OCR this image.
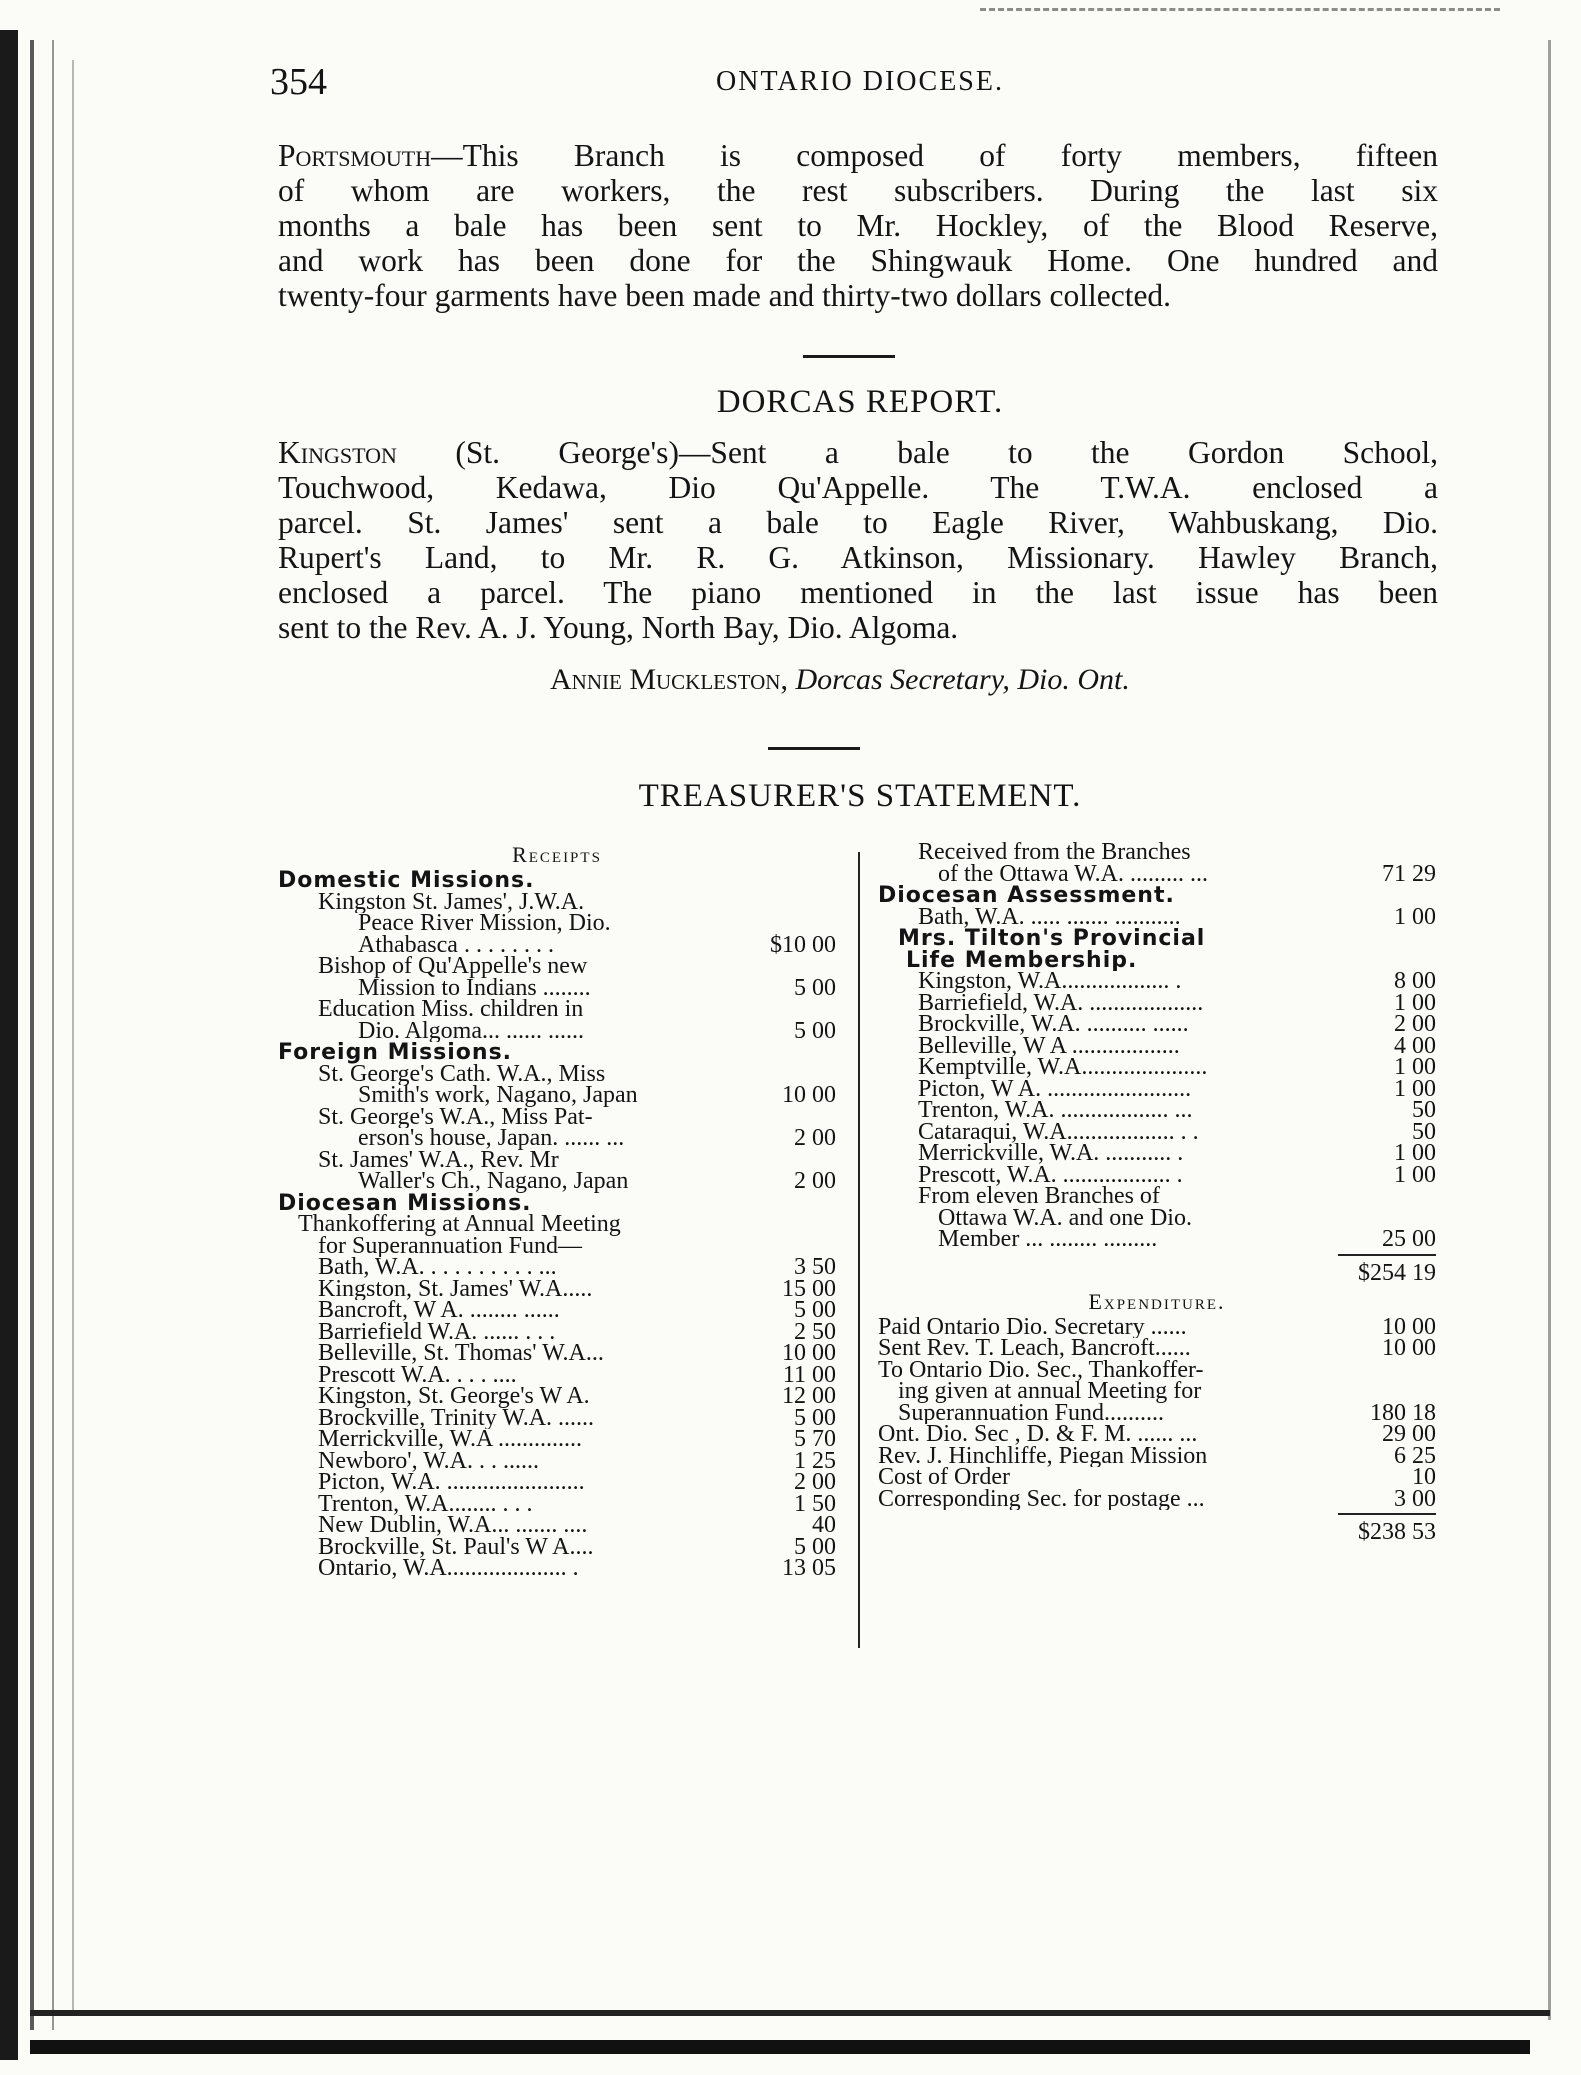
354	ONTARIO DIOCESE.
Portsmouth—This Branch is composed of forty members, fifteen
of whom are workers, the rest subscribers. During the last six
months a bale has been sent to Mr. Hockley, of the Blood Reserve,
and work has been done for the Shingwauk Home. One hundred and
twenty-four garments have been made and thirty-two dollars collected.
DORCAS REPORT.
Kingston (St. George's)—Sent a bale to the Gordon School,
Touchwood, Kedawa, Dio Qu'Appelle. The T.W.A. enclosed a
parcel. St. James' sent a bale to Eagle River, Wahbuskang, Dio.
Rupert's Land, to Mr. R. G. Atkinson, Missionary. Hawley Branch,
enclosed a parcel. The piano mentioned in the last issue has been
sent to the Rev. A. J. Young, North Bay, Dio. Algoma.
Annie Muckleston, Dorcas Secretary, Dio. Ont.
TREASURER'S STATEMENT.
Receipts
Domestic Missions.
Kingston St. James', J.W.A.
Peace River Mission, Dio.
Athabasca . . . . . . . .	$10 00
Bishop of Qu'Appelle's new
Mission to Indians ........	5 00
Education Miss. children in
Dio. Algoma... ...... ......	5 00
Foreign Missions.
St. George's Cath. W.A., Miss
Smith's work, Nagano, Japan	10 00
St. George's W.A., Miss Pat-
erson's house, Japan. ...... ...	2 00
St. James' W.A., Rev. Mr
Waller's Ch., Nagano, Japan	2 00
Diocesan Missions.
Thankoffering at Annual Meeting
for Superannuation Fund—
Bath, W.A. . . . . . . . . . ...	3 50
Kingston, St. James' W.A.....	15 00
Bancroft, W A. ........ ......	5 00
Barriefield W.A. ...... . . .	2 50
Belleville, St. Thomas' W.A...	10 00
Prescott W.A. . . . ....	11 00
Kingston, St. George's W A.	12 00
Brockville, Trinity W.A. ......	5 00
Merrickville, W.A ..............	5 70
Newboro', W.A. . . ......	1 25
Picton, W.A. .......................	2 00
Trenton, W.A........ . . .	1 50
New Dublin, W.A... ....... ....	40
Brockville, St. Paul's W A....	5 00
Ontario, W.A.................... .	13 05
Received from the Branches
of the Ottawa W.A. ......... ...	71 29
Diocesan Assessment.
Bath, W.A. ..... ....... ...........	1 00
Mrs. Tilton's Provincial
Life Membership.
Kingston, W.A.................. .	8 00
Barriefield, W.A. ...................	1 00
Brockville, W.A. .......... ......	2 00
Belleville, W A ..................	4 00
Kemptville, W.A.....................	1 00
Picton, W A. ........................	1 00
Trenton, W.A. .................. ...	50
Cataraqui, W.A.................. . .	50
Merrickville, W.A. ........... .	1 00
Prescott, W.A. .................. .	1 00
From eleven Branches of
Ottawa W.A. and one Dio.
Member ... ........ .........	25 00
$254 19
Expenditure.
Paid Ontario Dio. Secretary ......	10 00
Sent Rev. T. Leach, Bancroft......	10 00
To Ontario Dio. Sec., Thankoffer-
ing given at annual Meeting for
Superannuation Fund..........	180 18
Ont. Dio. Sec , D. & F. M. ...... ...	29 00
Rev. J. Hinchliffe, Piegan Mission	6 25
Cost of Order	10
Corresponding Sec. for postage ...	3 00
$238 53
